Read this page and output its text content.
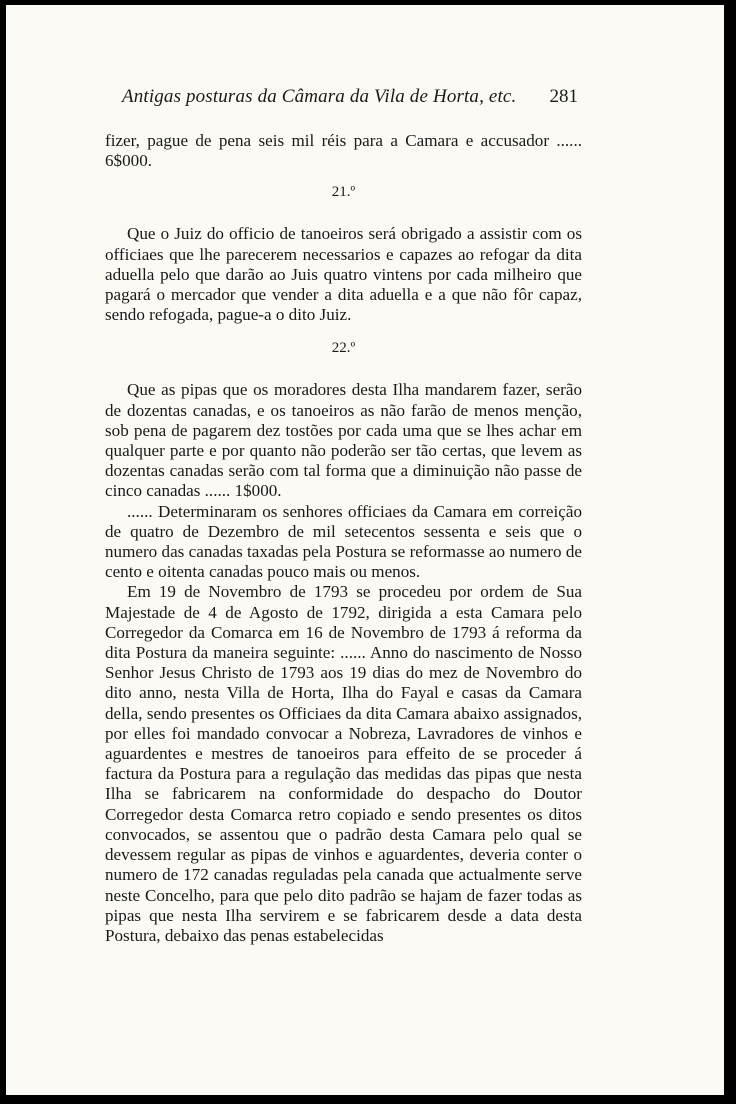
Antigas posturas da Câmara da Vila de Horta, etc. 281

fizer, pague de pena seis mil réis para a Camara e accusador ...... 6$000.

21.º

Que o Juiz do officio de tanoeiros será obrigado a assistir com os officiaes que lhe parecerem necessarios e capazes ao refogar da dita aduella pelo que darão ao Juis quatro vintens por cada milheiro que pagará o mercador que vender a dita aduella e a que não fôr capaz, sendo refogada, pague-a o dito Juiz.

22.º

Que as pipas que os moradores desta Ilha mandarem fazer, serão de dozentas canadas, e os tanoeiros as não farão de menos menção, sob pena de pagarem dez tostões por cada uma que se lhes achar em qualquer parte e por quanto não poderão ser tão certas, que levem as dozentas canadas serão com tal forma que a diminuição não passe de cinco canadas ...... 1$000.

...... Determinaram os senhores officiaes da Camara em correição de quatro de Dezembro de mil setecentos sessenta e seis que o numero das canadas taxadas pela Postura se reformasse ao numero de cento e oitenta canadas pouco mais ou menos.

Em 19 de Novembro de 1793 se procedeu por ordem de Sua Majestade de 4 de Agosto de 1792, dirigida a esta Camara pelo Corregedor da Comarca em 16 de Novembro de 1793 á reforma da dita Postura da maneira seguinte: ...... Anno do nascimento de Nosso Senhor Jesus Christo de 1793 aos 19 dias do mez de Novembro do dito anno, nesta Villa de Horta, Ilha do Fayal e casas da Camara della, sendo presentes os Officiaes da dita Camara abaixo assignados, por elles foi mandado convocar a Nobreza, Lavradores de vinhos e aguardentes e mestres de tanoeiros para effeito de se proceder á factura da Postura para a regulação das medidas das pipas que nesta Ilha se fabricarem na conformidade do despacho do Doutor Corregedor desta Comarca retro copiado e sendo presentes os ditos convocados, se assentou que o padrão desta Camara pelo qual se devessem regular as pipas de vinhos e aguardentes, deveria conter o numero de 172 canadas reguladas pela canada que actualmente serve neste Concelho, para que pelo dito padrão se hajam de fazer todas as pipas que nesta Ilha servirem e se fabricarem desde a data desta Postura, debaixo das penas estabelecidas
